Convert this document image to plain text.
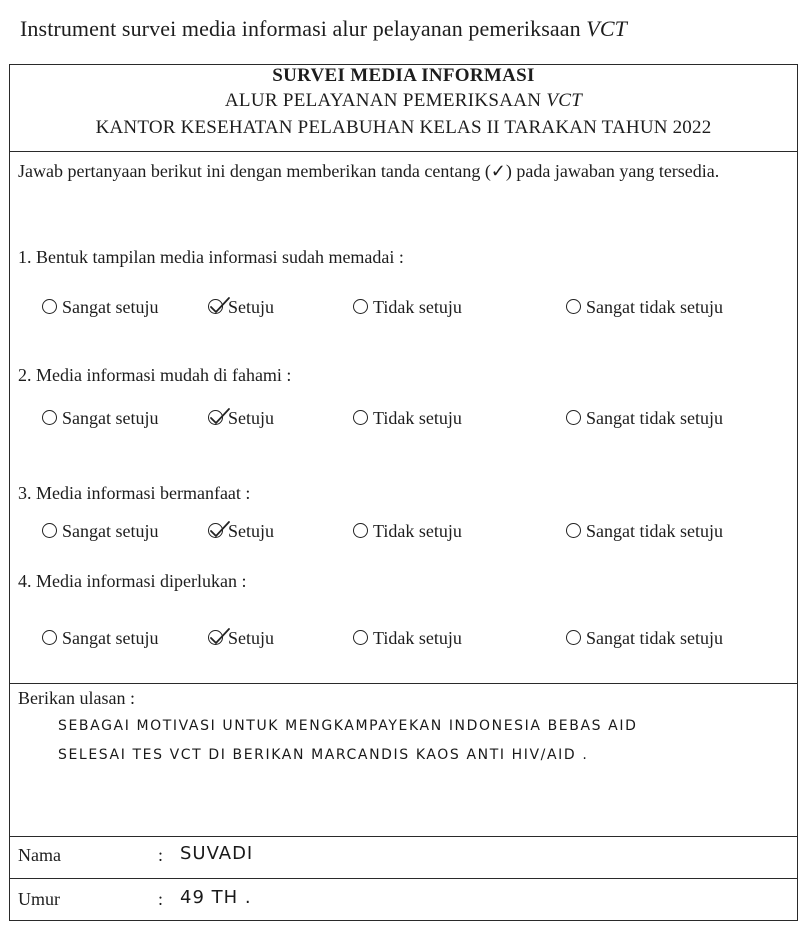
Instrument survei media informasi alur pelayanan pemeriksaan VCT
SURVEI MEDIA INFORMASI
ALUR PELAYANAN PEMERIKSAAN VCT
KANTOR KESEHATAN PELABUHAN KELAS II TARAKAN TAHUN 2022
Jawab pertanyaan berikut ini dengan memberikan tanda centang (✓) pada jawaban yang tersedia.
1. Bentuk tampilan media informasi sudah memadai :
Sangat setuju	Setuju	Tidak setuju	Sangat tidak setuju
2. Media informasi mudah di fahami :
Sangat setuju	Setuju	Tidak setuju	Sangat tidak setuju
3. Media informasi bermanfaat :
Sangat setuju	Setuju	Tidak setuju	Sangat tidak setuju
4. Media informasi diperlukan :
Sangat setuju	Setuju	Tidak setuju	Sangat tidak setuju
Berikan ulasan :
SEBAGAI MOTIVASI UNTUK MENGKAMPAYEKAN INDONESIA BEBAS AID
SELESAI TES VCT DI BERIKAN MARCANDIS KAOS ANTI HIV/AID .
Nama	: SUVADI
Umur	: 49 TH .
